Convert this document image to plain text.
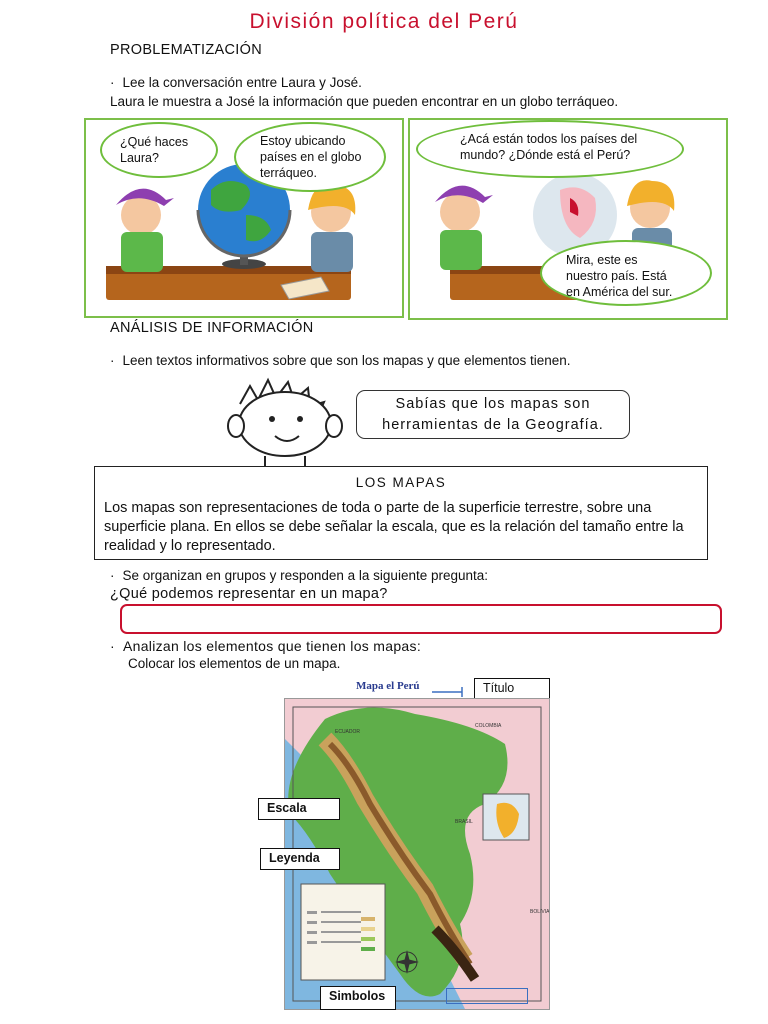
División política del Perú
PROBLEMATIZACIÓN
· Lee la conversación entre Laura y José.
Laura le muestra a José la información que pueden encontrar en un globo terráqueo.
¿Qué haces Laura?
Estoy ubicando países en el globo terráqueo.
¿Acá están todos los países del mundo? ¿Dónde está el Perú?
Mira, este es nuestro país. Está en América del sur.
ANÁLISIS DE INFORMACIÓN
· Leen textos informativos sobre que son los mapas y que elementos tienen.
Sabías que los mapas son herramientas de la Geografía.
LOS MAPAS
Los mapas son representaciones de toda o parte de la superficie terrestre, sobre una superficie plana. En ellos se debe señalar la escala, que es la relación del tamaño entre la realidad y lo representado.
· Se organizan en grupos y responden a la siguiente pregunta:
¿Qué podemos representar en un mapa?
· Analizan los elementos que tienen los mapas:
Colocar los elementos de un mapa.
Mapa el Perú	Título
ECUADOR
COLOMBIA
BRASIL
BOLIVIA
Escala
Leyenda
Simbolos
